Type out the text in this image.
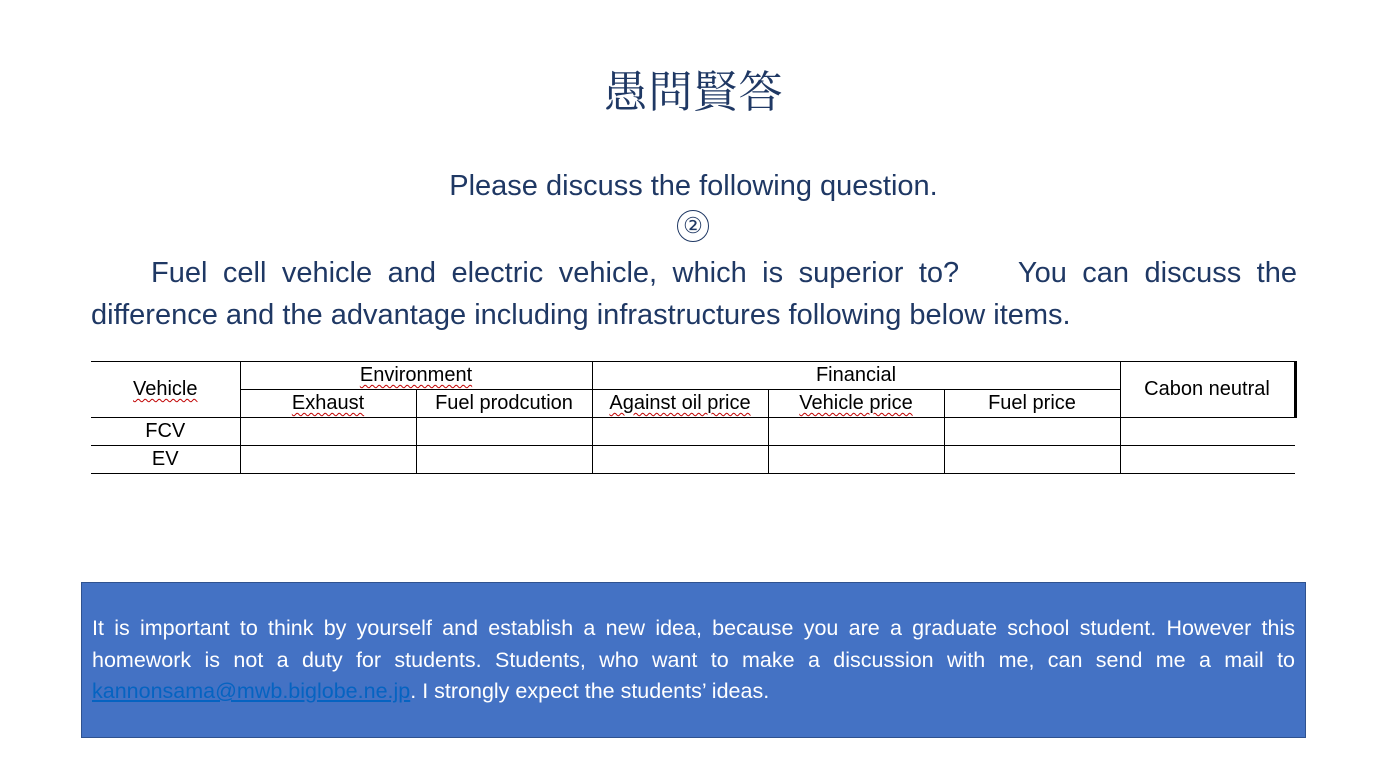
愚問賢答
Please discuss the following question.
②
Fuel cell vehicle and electric vehicle, which is superior to?　 You can discuss the difference and the advantage including infrastructures following below items.
Vehicle	Environment		Financial			Cabon neutral
	Exhaust	Fuel prodcution	Against oil price	Vehicle price	Fuel price	
FCV						
EV						
It is important to think by yourself and establish a new idea, because you are a graduate school student. However this homework is not a duty for students. Students, who want to make a discussion with me, can send me a mail to kannonsama@mwb.biglobe.ne.jp. I strongly expect the students’ ideas.
